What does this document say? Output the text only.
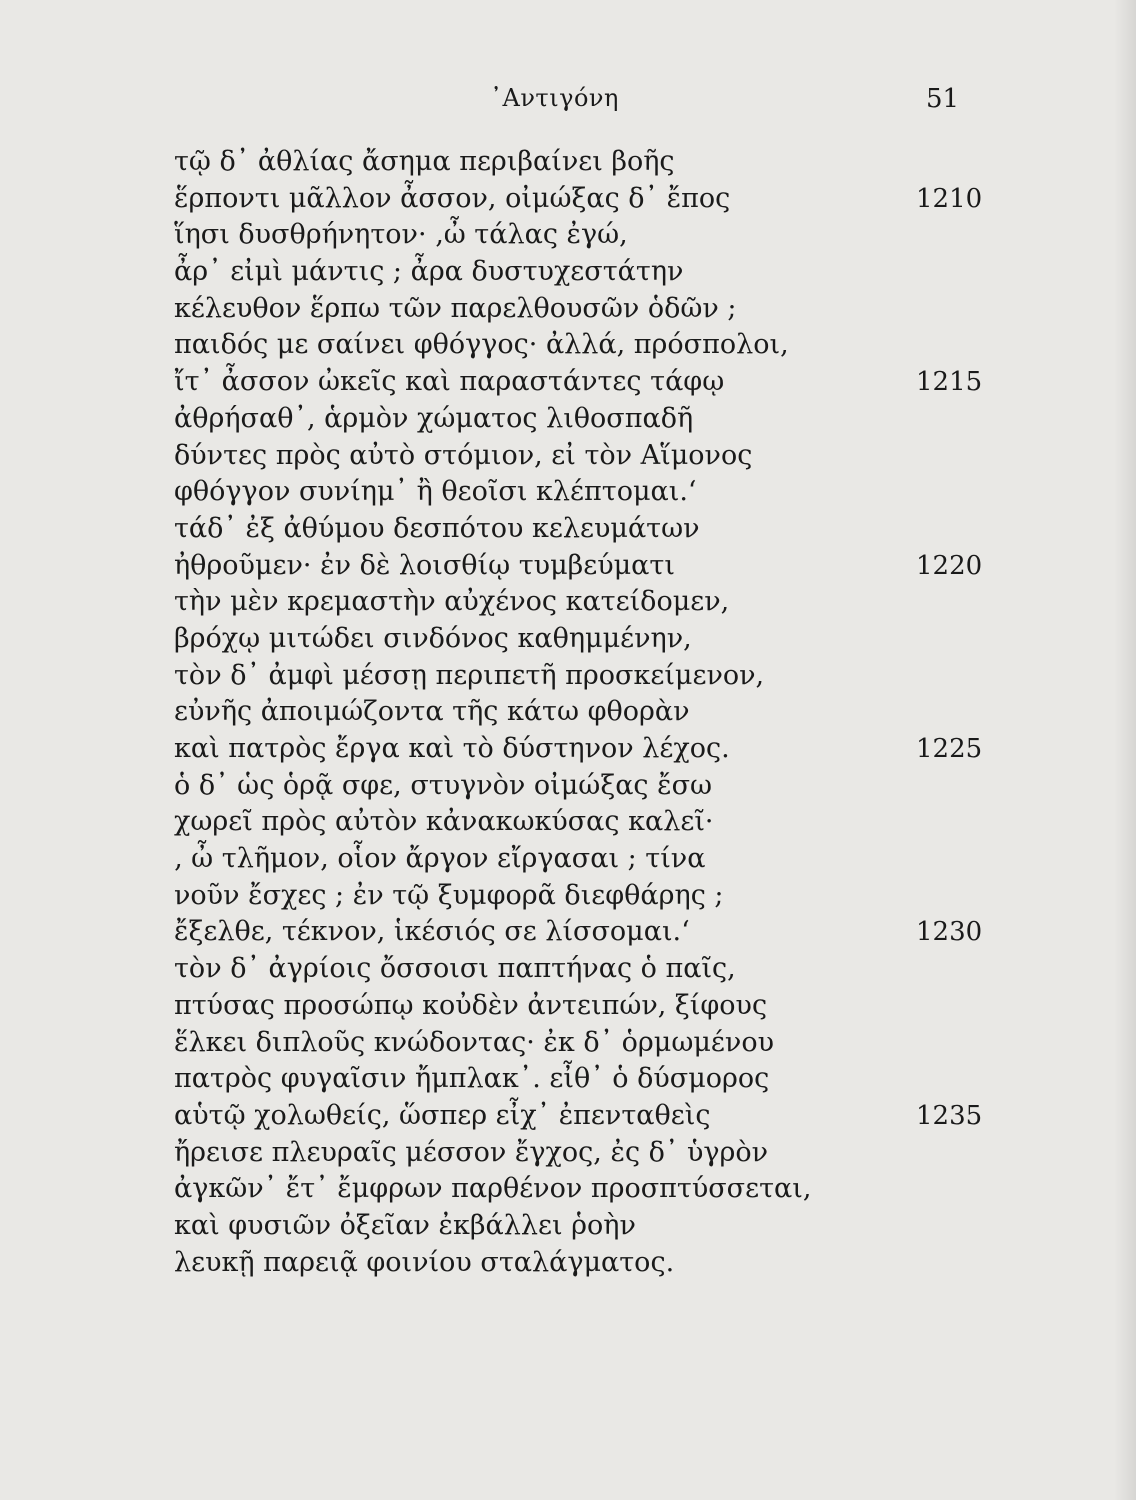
᾽Αντιγόνη	51
τῷ δ᾽ ἀθλίας ἄσημα περιβαίνει βοῆς
ἕρποντι μᾶλλον ἆσσον, οἰμώξας δ᾽ ἔπος	1210
ἵησι δυσθρήνητον· ‚ὦ τάλας ἐγώ,
ἆρ᾽ εἰμὶ μάντις ; ἆρα δυστυχεστάτην
κέλευθον ἕρπω τῶν παρελθουσῶν ὁδῶν ;
παιδός με σαίνει φθόγγος· ἀλλά, πρόσπολοι,
ἴτ᾽ ἆσσον ὠκεῖς καὶ παραστάντες τάφῳ	1215
ἀθρήσαθ᾽, ἁρμὸν χώματος λιθοσπαδῆ
δύντες πρὸς αὐτὸ στόμιον, εἰ τὸν Αἵμονος
φθόγγον συνίημ᾽ ἢ θεοῖσι κλέπτομαι.‘
τάδ᾽ ἐξ ἀθύμου δεσπότου κελευμάτων
ἠθροῦμεν· ἐν δὲ λοισθίῳ τυμβεύματι	1220
τὴν μὲν κρεμαστὴν αὐχένος κατείδομεν,
βρόχῳ μιτώδει σινδόνος καθημμένην,
τὸν δ᾽ ἀμφὶ μέσσῃ περιπετῆ προσκείμενον,
εὐνῆς ἀποιμώζοντα τῆς κάτω φθορὰν
καὶ πατρὸς ἔργα καὶ τὸ δύστηνον λέχος.	1225
ὁ δ᾽ ὡς ὁρᾷ σφε, στυγνὸν οἰμώξας ἔσω
χωρεῖ πρὸς αὐτὸν κἀνακωκύσας καλεῖ·
‚ ὦ τλῆμον, οἷον ἄργον εἴργασαι ; τίνα
νοῦν ἔσχες ; ἐν τῷ ξυμφορᾶ διεφθάρης ;
ἔξελθε, τέκνον, ἱκέσιός σε λίσσομαι.‘	1230
τὸν δ᾽ ἀγρίοις ὄσσοισι παπτήνας ὁ παῖς,
πτύσας προσώπῳ κοὐδὲν ἀντειπών, ξίφους
ἕλκει διπλοῦς κνώδοντας· ἐκ δ᾽ ὁρμωμένου
πατρὸς φυγαῖσιν ἤμπλακ᾽. εἶθ᾽ ὁ δύσμορος
αὑτῷ χολωθείς, ὥσπερ εἶχ᾽ ἐπενταθεὶς	1235
ἤρεισε πλευραῖς μέσσον ἔγχος, ἐς δ᾽ ὑγρὸν
ἀγκῶν᾽ ἔτ᾽ ἔμφρων παρθένον προσπτύσσεται,
καὶ φυσιῶν ὀξεῖαν ἐκβάλλει ῥοὴν
λευκῇ παρειᾷ φοινίου σταλάγματος.
